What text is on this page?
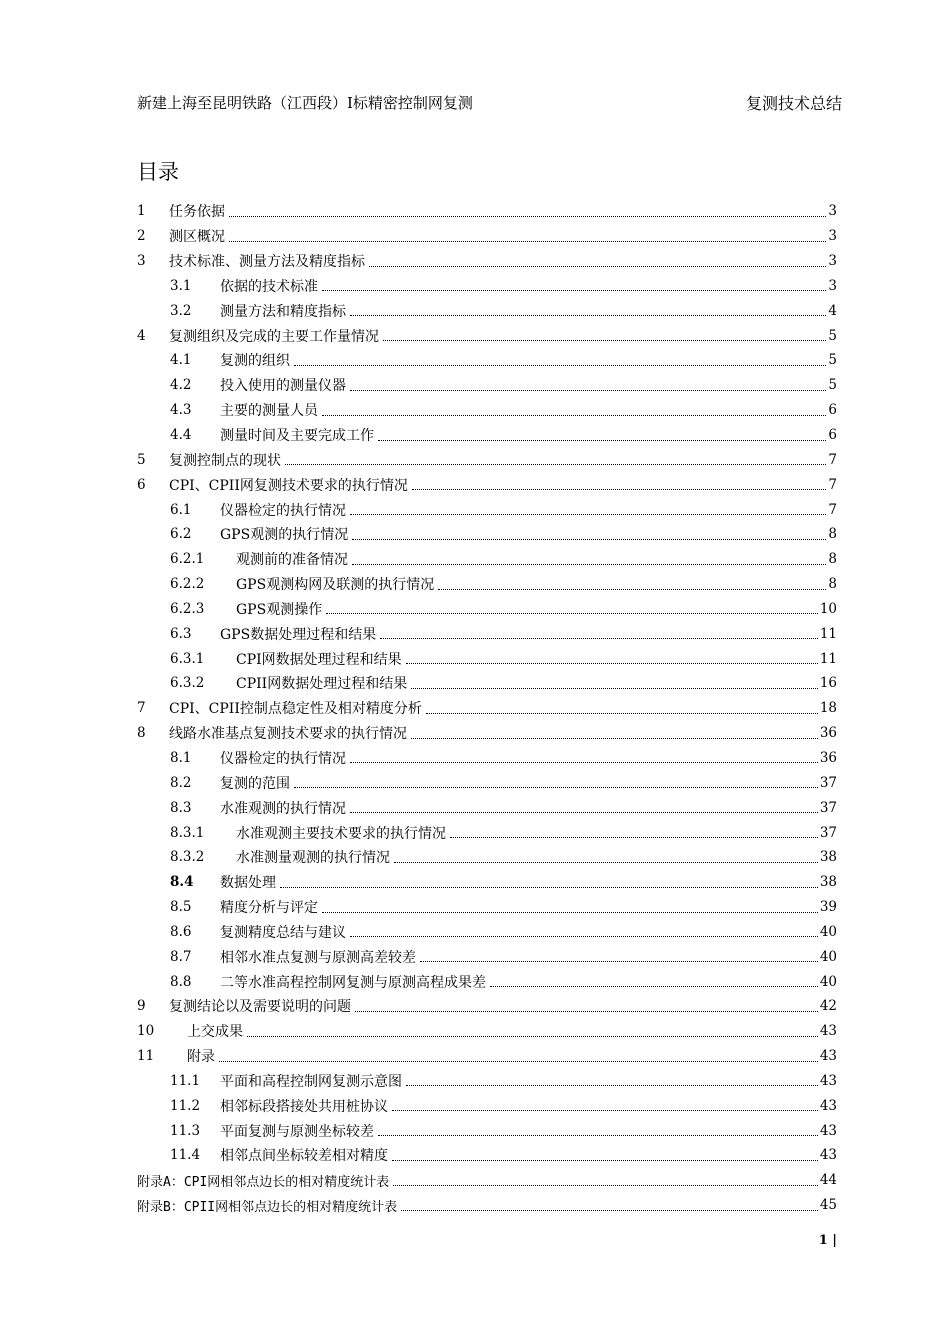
新建上海至昆明铁路（江西段）Ⅰ标精密控制网复测	复测技术总结
目录
1	任务依据	3
2	测区概况	3
3	技术标准、测量方法及精度指标	3
3.1	依据的技术标准	3
3.2	测量方法和精度指标	4
4	复测组织及完成的主要工作量情况	5
4.1	复测的组织	5
4.2	投入使用的测量仪器	5
4.3	主要的测量人员	6
4.4	测量时间及主要完成工作	6
5	复测控制点的现状	7
6	CPI、CPII网复测技术要求的执行情况	7
6.1	仪器检定的执行情况	7
6.2	GPS观测的执行情况	8
6.2.1	观测前的准备情况	8
6.2.2	GPS观测构网及联测的执行情况	8
6.2.3	GPS观测操作	10
6.3	GPS数据处理过程和结果	11
6.3.1	CPI网数据处理过程和结果	11
6.3.2	CPII网数据处理过程和结果	16
7	CPI、CPII控制点稳定性及相对精度分析	18
8	线路水准基点复测技术要求的执行情况	36
8.1	仪器检定的执行情况	36
8.2	复测的范围	37
8.3	水准观测的执行情况	37
8.3.1	水准观测主要技术要求的执行情况	37
8.3.2	水准测量观测的执行情况	38
8.4	数据处理	38
8.5	精度分析与评定	39
8.6	复测精度总结与建议	40
8.7	相邻水准点复测与原测高差较差	40
8.8	二等水准高程控制网复测与原测高程成果差	40
9	复测结论以及需要说明的问题	42
10	上交成果	43
11	附录	43
11.1	平面和高程控制网复测示意图	43
11.2	相邻标段搭接处共用桩协议	43
11.3	平面复测与原测坐标较差	43
11.4	相邻点间坐标较差相对精度	43
附录A：CPI网相邻点边长的相对精度统计表	44
附录B：CPII网相邻点边长的相对精度统计表	45
1 |
